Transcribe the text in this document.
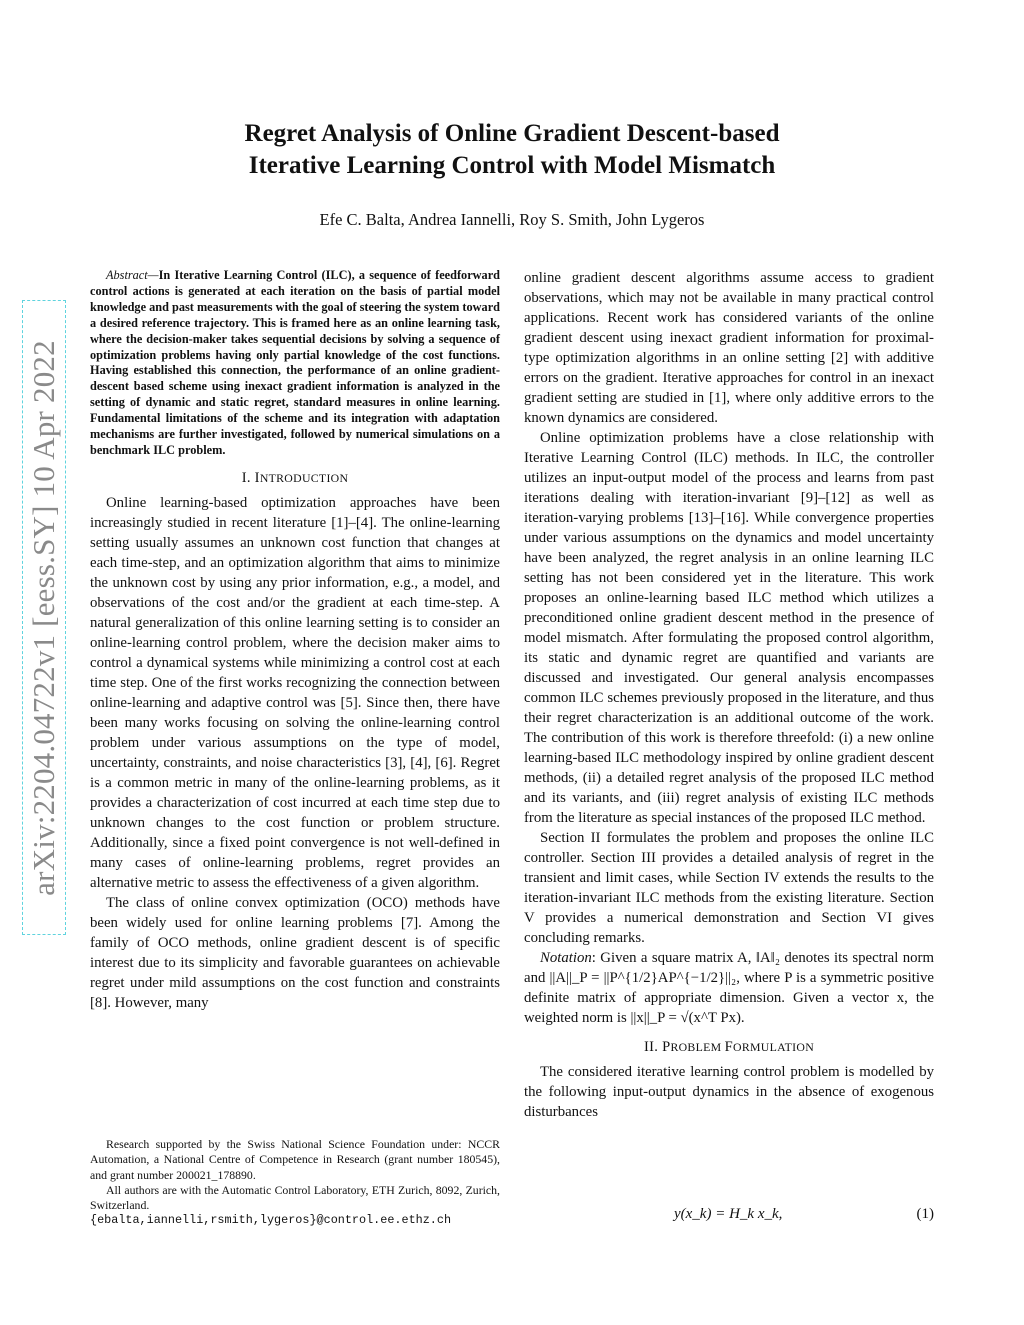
Regret Analysis of Online Gradient Descent-based
Iterative Learning Control with Model Mismatch
Efe C. Balta, Andrea Iannelli, Roy S. Smith, John Lygeros
arXiv:2204.04722v1 [eess.SY] 10 Apr 2022

Abstract—In Iterative Learning Control (ILC), a sequence of feedforward control actions is generated at each iteration on the basis of partial model knowledge and past measurements with the goal of steering the system toward a desired reference trajectory. This is framed here as an online learning task, where the decision-maker takes sequential decisions by solving a sequence of optimization problems having only partial knowledge of the cost functions. Having established this connection, the performance of an online gradient-descent based scheme using inexact gradient information is analyzed in the setting of dynamic and static regret, standard measures in online learning. Fundamental limitations of the scheme and its integration with adaptation mechanisms are further investigated, followed by numerical simulations on a benchmark ILC problem.

I. INTRODUCTION

Online learning-based optimization approaches have been increasingly studied in recent literature [1]–[4]. The online-learning setting usually assumes an unknown cost function that changes at each time-step, and an optimization algorithm that aims to minimize the unknown cost by using any prior information, e.g., a model, and observations of the cost and/or the gradient at each time-step. A natural generalization of this online learning setting is to consider an online-learning control problem, where the decision maker aims to control a dynamical systems while minimizing a control cost at each time step. One of the first works recognizing the connection between online-learning and adaptive control was [5]. Since then, there have been many works focusing on solving the online-learning control problem under various assumptions on the type of model, uncertainty, constraints, and noise characteristics [3], [4], [6]. Regret is a common metric in many of the online-learning problems, as it provides a characterization of cost incurred at each time step due to unknown changes to the cost function or problem structure. Additionally, since a fixed point convergence is not well-defined in many cases of online-learning problems, regret provides an alternative metric to assess the effectiveness of a given algorithm.

The class of online convex optimization (OCO) methods have been widely used for online learning problems [7]. Among the family of OCO methods, online gradient descent is of specific interest due to its simplicity and favorable guarantees on achievable regret under mild assumptions on the cost function and constraints [8]. However, many

Research supported by the Swiss National Science Foundation under: NCCR Automation, a National Centre of Competence in Research (grant number 180545), and grant number 200021_178890.

All authors are with the Automatic Control Laboratory, ETH Zurich, 8092, Zurich, Switzerland.

{ebalta,iannelli,rsmith,lygeros}@control.ee.ethz.ch

online gradient descent algorithms assume access to gradient observations, which may not be available in many practical control applications. Recent work has considered variants of the online gradient descent using inexact gradient information for proximal-type optimization algorithms in an online setting [2] with additive errors on the gradient. Iterative approaches for control in an inexact gradient setting are studied in [1], where only additive errors to the known dynamics are considered.

Online optimization problems have a close relationship with Iterative Learning Control (ILC) methods. In ILC, the controller utilizes an input-output model of the process and learns from past iterations dealing with iteration-invariant [9]–[12] as well as iteration-varying problems [13]–[16]. While convergence properties under various assumptions on the dynamics and model uncertainty have been analyzed, the regret analysis in an online learning ILC setting has not been considered yet in the literature. This work proposes an online-learning based ILC method which utilizes a preconditioned online gradient descent method in the presence of model mismatch. After formulating the proposed control algorithm, its static and dynamic regret are quantified and variants are discussed and investigated. Our general analysis encompasses common ILC schemes previously proposed in the literature, and thus their regret characterization is an additional outcome of the work. The contribution of this work is therefore threefold: (i) a new online learning-based ILC methodology inspired by online gradient descent methods, (ii) a detailed regret analysis of the proposed ILC method and its variants, and (iii) regret analysis of existing ILC methods from the literature as special instances of the proposed ILC method.

Section II formulates the problem and proposes the online ILC controller. Section III provides a detailed analysis of regret in the transient and limit cases, while Section IV extends the results to the iteration-invariant ILC methods from the existing literature. Section V provides a numerical demonstration and Section VI gives concluding remarks.

Notation: Given a square matrix A, ‖A‖₂ denotes its spectral norm and ||A||_P = ||P^{1/2}AP^{−1/2}||₂, where P is a symmetric positive definite matrix of appropriate dimension. Given a vector x, the weighted norm is ||x||_P = √(x^T Px).

II. PROBLEM FORMULATION

The considered iterative learning control problem is modelled by the following input-output dynamics in the absence of exogenous disturbances

y(x_k) = H_k x_k,	(1)
